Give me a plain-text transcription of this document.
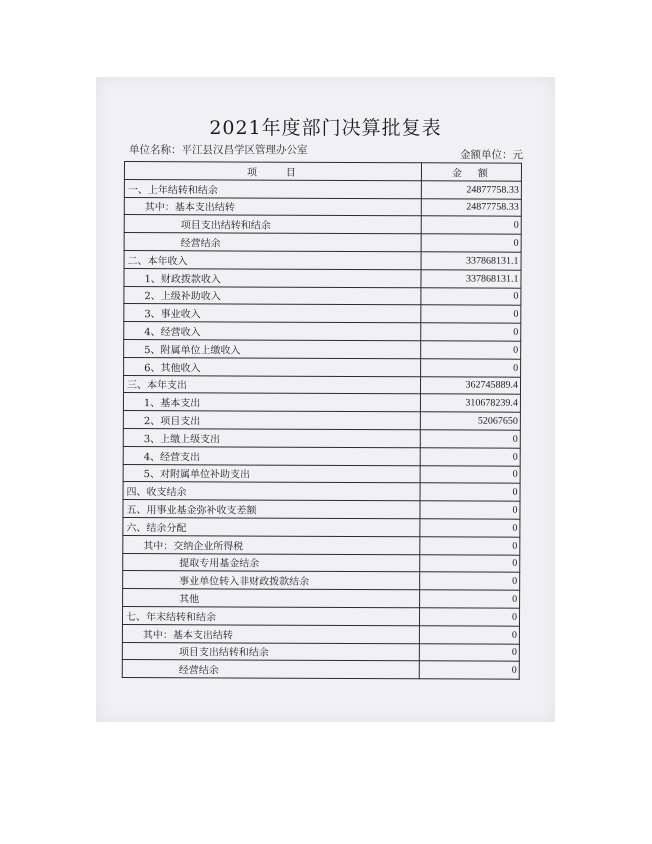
2021年度部门决算批复表
单位名称：平江县汉昌学区管理办公室	金额单位：元
项　　目	金　额
一、上年结转和结余	24877758.33
其中：基本支出结转	24877758.33
项目支出结转和结余	0
经营结余	0
二、本年收入	337868131.1
1、财政拨款收入	337868131.1
2、上级补助收入	0
3、事业收入	0
4、经营收入	0
5、附属单位上缴收入	0
6、其他收入	0
三、本年支出	362745889.4
1、基本支出	310678239.4
2、项目支出	52067650
3、上缴上级支出	0
4、经营支出	0
5、对附属单位补助支出	0
四、收支结余	0
五、用事业基金弥补收支差额	0
六、结余分配	0
其中：交纳企业所得税	0
提取专用基金结余	0
事业单位转入非财政拨款结余	0
其他	0
七、年末结转和结余	0
其中：基本支出结转	0
项目支出结转和结余	0
经营结余	0
